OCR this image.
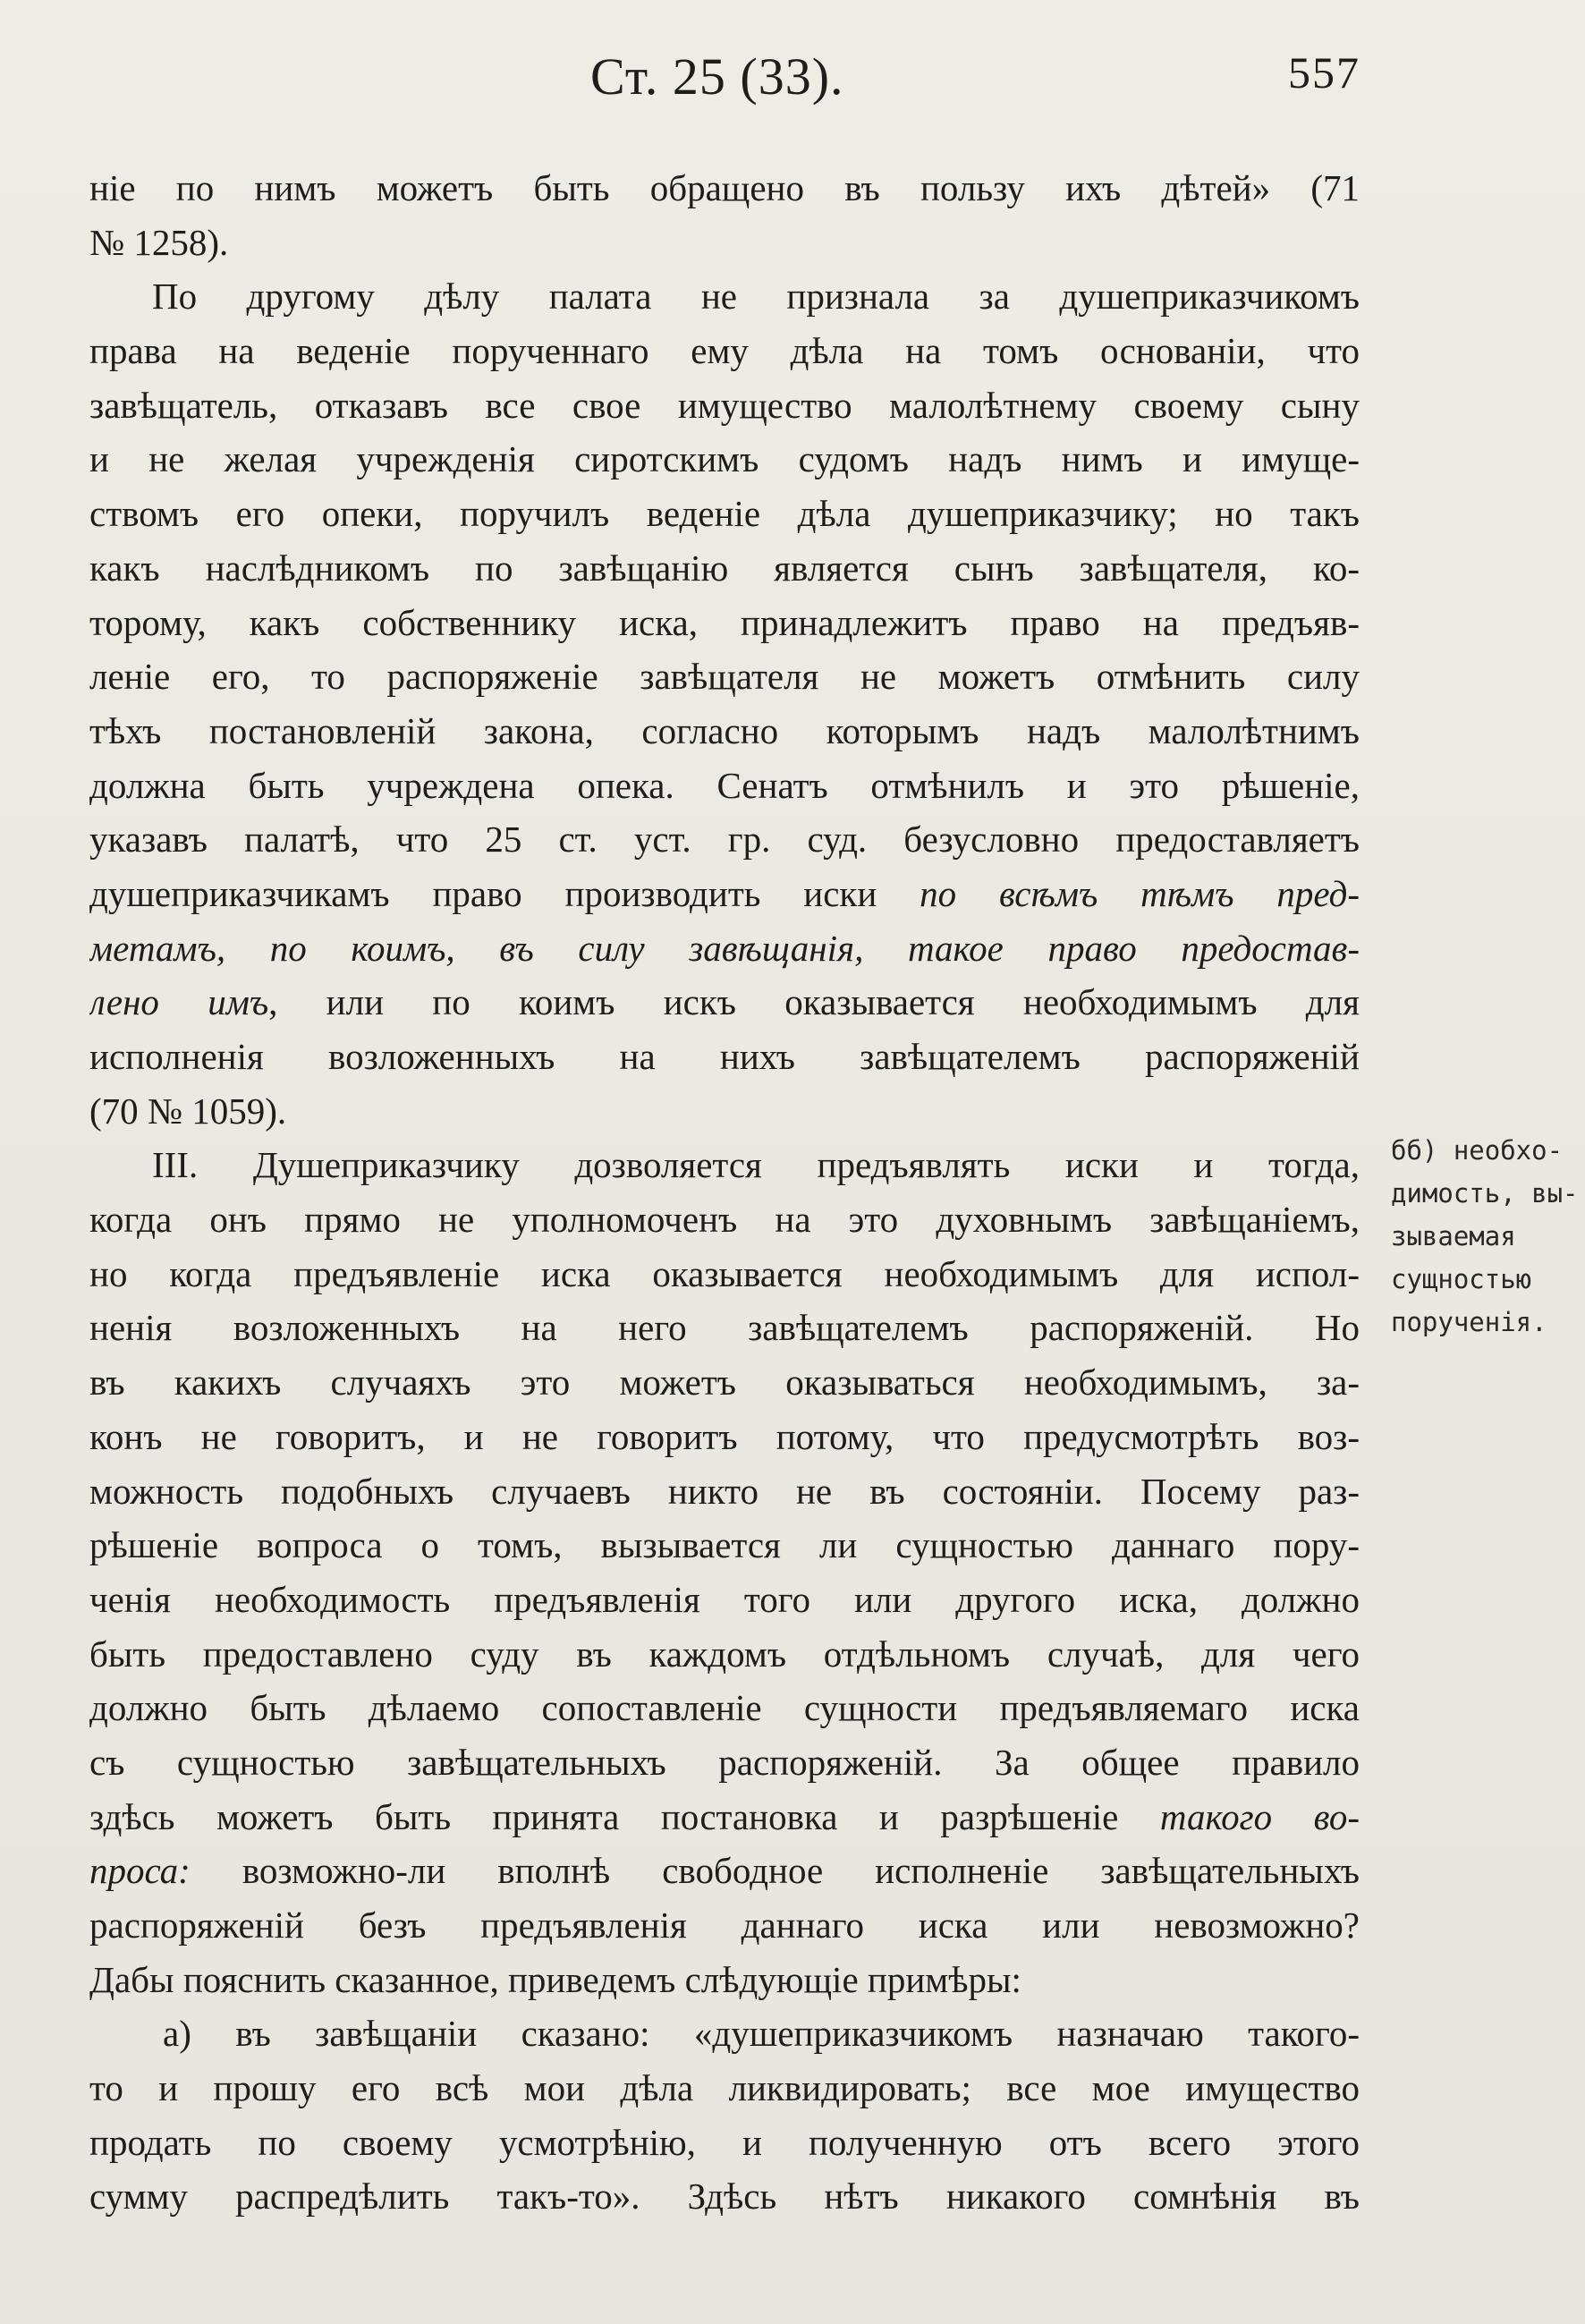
Ст. 25 (33).	557
ніе по нимъ можетъ быть обращено въ пользу ихъ дѣтей» (71
№ 1258).
По другому дѣлу палата не признала за душеприказчикомъ
права на веденіе порученнаго ему дѣла на томъ основаніи, что
завѣщатель, отказавъ все свое имущество малолѣтнему своему сыну
и не желая учрежденія сиротскимъ судомъ надъ нимъ и имуще-
ствомъ его опеки, поручилъ веденіе дѣла душеприказчику; но такъ
какъ наслѣдникомъ по завѣщанію является сынъ завѣщателя, ко-
торому, какъ собственнику иска, принадлежитъ право на предъяв-
леніе его, то распоряженіе завѣщателя не можетъ отмѣнить силу
тѣхъ постановленій закона, согласно которымъ надъ малолѣтнимъ
должна быть учреждена опека. Сенатъ отмѣнилъ и это рѣшеніе,
указавъ палатѣ, что 25 ст. уст. гр. суд. безусловно предоставляетъ
душеприказчикамъ право производить иски по всѣмъ тѣмъ пред-
метамъ, по коимъ, въ силу завѣщанія, такое право предостав-
лено имъ, или по коимъ искъ оказывается необходимымъ для
исполненія возложенныхъ на нихъ завѣщателемъ распоряженій
(70 № 1059).
III. Душеприказчику дозволяется предъявлять иски и тогда,
когда онъ прямо не уполномоченъ на это духовнымъ завѣщаніемъ,
но когда предъявленіе иска оказывается необходимымъ для испол-
ненія возложенныхъ на него завѣщателемъ распоряженій. Но
въ какихъ случаяхъ это можетъ оказываться необходимымъ, за-
конъ не говоритъ, и не говоритъ потому, что предусмотрѣть воз-
можность подобныхъ случаевъ никто не въ состояніи. Посему раз-
рѣшеніе вопроса о томъ, вызывается ли сущностью даннаго пору-
ченія необходимость предъявленія того или другого иска, должно
быть предоставлено суду въ каждомъ отдѣльномъ случаѣ, для чего
должно быть дѣлаемо сопоставленіе сущности предъявляемаго иска
съ сущностью завѣщательныхъ распоряженій. За общее правило
здѣсь можетъ быть принята постановка и разрѣшеніе такого во-
проса: возможно-ли вполнѣ свободное исполненіе завѣщательныхъ
распоряженій безъ предъявленія даннаго иска или невозможно?
Дабы пояснить сказанное, приведемъ слѣдующіе примѣры:
а) въ завѣщаніи сказано: «душеприказчикомъ назначаю такого-
то и прошу его всѣ мои дѣла ликвидировать; все мое имущество
продать по своему усмотрѣнію, и полученную отъ всего этого
сумму распредѣлить такъ-то». Здѣсь нѣтъ никакого сомнѣнія въ
бб) необхо-
димость, вы-
зываемая
сущностью
порученія.
